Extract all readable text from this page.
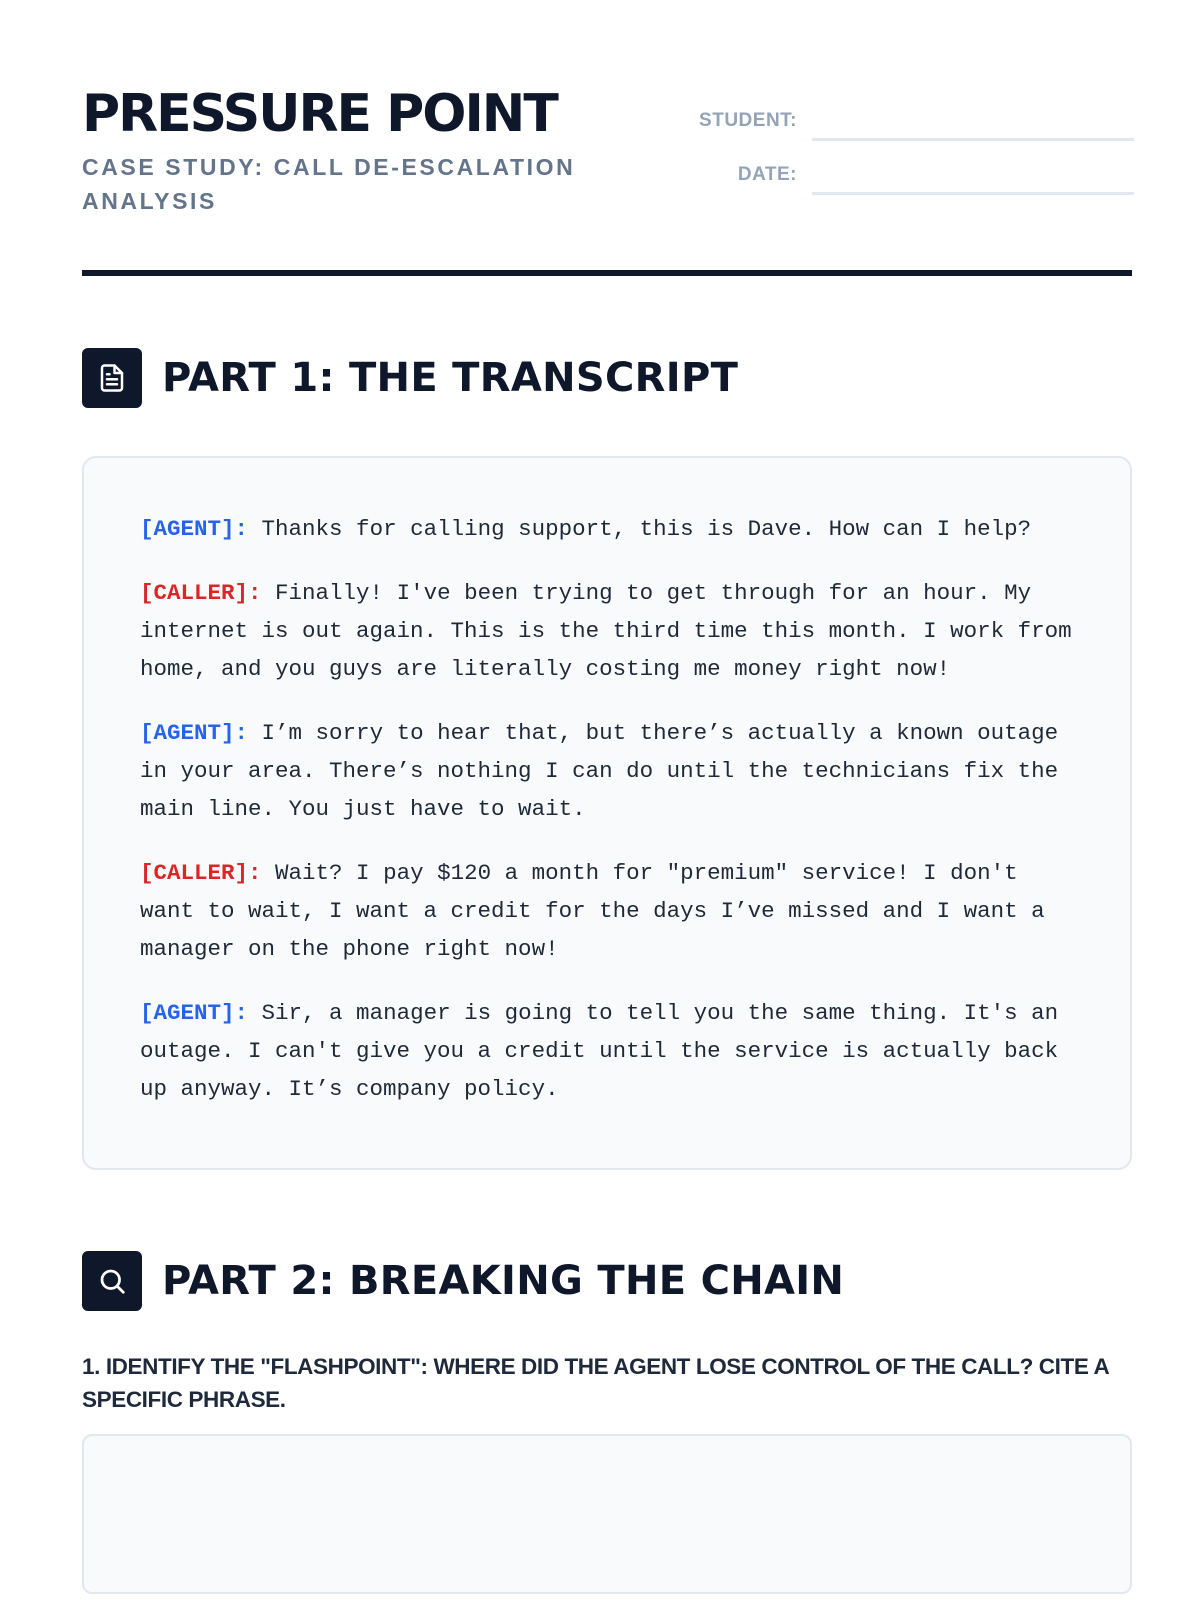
PRESSURE POINT

CASE STUDY: CALL DE-ESCALATION ANALYSIS

STUDENT:
DATE:
PART 1: THE TRANSCRIPT

[AGENT]: Thanks for calling support, this is Dave. How can I help?

[CALLER]: Finally! I've been trying to get through for an hour. My internet is out again. This is the third time this month. I work from home, and you guys are literally costing me money right now!

[AGENT]: I’m sorry to hear that, but there’s actually a known outage in your area. There’s nothing I can do until the technicians fix the main line. You just have to wait.

[CALLER]: Wait? I pay $120 a month for "premium" service! I don't want to wait, I want a credit for the days I’ve missed and I want a manager on the phone right now!

[AGENT]: Sir, a manager is going to tell you the same thing. It's an outage. I can't give you a credit until the service is actually back up anyway. It’s company policy.

PART 2: BREAKING THE CHAIN

1. IDENTIFY THE "FLASHPOINT": WHERE DID THE AGENT LOSE CONTROL OF THE CALL? CITE A SPECIFIC PHRASE.
